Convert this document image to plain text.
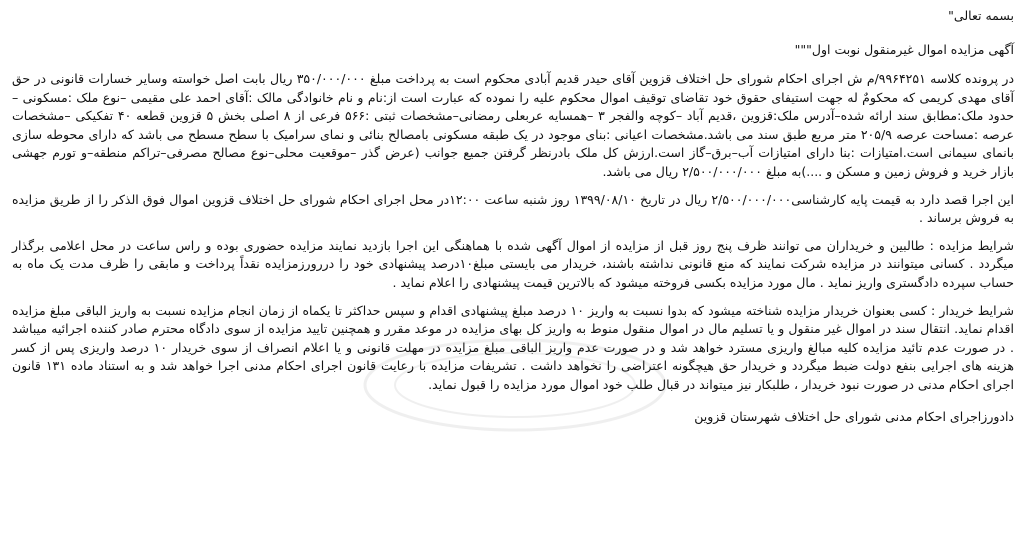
بسمه تعالی"

آگهی مزایده اموال غیرمنقول نوبت اول"""

در پرونده کلاسه ۹۹۶۴۲۵۱/م ش اجرای احکام شورای حل اختلاف قزوین آقای حیدر قدیم آبادی محکوم است به پرداخت مبلغ ۳۵۰/۰۰۰/۰۰۰ ریال بابت اصل خواسته وسایر خسارات قانونی در حق آقای مهدی کریمی که محکومٌ له جهت استیفای حقوق خود تقاضای توقیف اموال محکوم علیه را نموده که عبارت است از:نام و نام خانوادگی مالک :آقای احمد علی مقیمی –نوع ملک :مسکونی –حدود ملک:مطابق سند ارائه شده–آدرس ملک:قزوین ،قدیم آباد –کوچه والفجر ۳ –همسایه عربعلی رمضانی–مشخصات ثبتی :۵۶۶ فرعی از ۸ اصلی بخش ۵ قزوین قطعه ۴۰ تفکیکی –مشخصات عرصه :مساحت عرصه ۲۰۵/۹ متر مربع طبق سند می باشد.مشخصات اعیانی :بنای موجود در یک طبقه مسکونی بامصالح بنائی و نمای سرامیک با سطح مسطح می باشد که دارای محوطه سازی بانمای سیمانی است.امتیازات :بنا دارای امتیازات آب–برق–گاز است.ارزش کل ملک بادرنظر گرفتن جمیع جوانب (عرض گذر –موقعیت محلی–نوع مصالح مصرفی–تراکم منطقه–و تورم جهشی بازار خرید و فروش زمین و مسکن و ....)به مبلغ ۲/۵۰۰/۰۰۰/۰۰۰ ریال می باشد.

این اجرا قصد دارد به قیمت پایه کارشناسی۲/۵۰۰/۰۰۰/۰۰۰ ریال در تاریخ ۱۳۹۹/۰۸/۱۰ روز شنبه ساعت ۱۲:۰۰در محل اجرای احکام شورای حل اختلاف قزوین اموال فوق الذکر را از طریق مزایده به فروش برساند .

شرایط مزایده : طالبین و خریداران می توانند ظرف پنج روز قبل از مزایده از اموال آگهی شده با هماهنگی این اجرا بازدید نمایند مزایده حضوری بوده و راس ساعت در محل اعلامی برگذار میگردد . کسانی میتوانند در مزایده شرکت نمایند که منع قانونی نداشته باشند، خریدار می بایستی مبلغ۱۰درصد پیشنهادی خود را دررورزمزایده نقداً پرداخت و مابقی را ظرف مدت یک ماه به حساب سپرده دادگستری واریز نماید . مال مورد مزایده بکسی فروخته میشود که بالاترین قیمت پیشنهادی را اعلام نماید .

شرایط خریدار : کسی بعنوان خریدار مزایده شناخته میشود که بدوا نسبت به واریز ۱۰ درصد مبلغ پیشنهادی اقدام و سپس حداکثر تا یکماه از زمان انجام مزایده نسبت به واریز الباقی مبلغ مزایده اقدام نماید. انتقال سند در اموال غیر منقول و یا تسلیم مال در اموال منقول منوط به واریز کل بهای مزایده در موعد مقرر و همچنین تایید مزایده از سوی دادگاه محترم صادر کننده اجرائیه میباشد . در صورت عدم تائید مزایده کلیه مبالغ واریزی مسترد خواهد شد و در صورت عدم واریز الباقی مبلغ مزایده در مهلت قانونی و یا اعلام انصراف از سوی خریدار ۱۰ درصد واریزی پس از کسر هزینه های اجرایی بنفع دولت ضبط میگردد و خریدار حق هیچگونه اعتراضی را نخواهد داشت . تشریفات مزایده با رعایت قانون اجرای احکام مدنی اجرا خواهد شد و به استناد ماده ۱۳۱ قانون اجرای احکام مدنی در صورت نبود خریدار ، طلبکار نیز میتواند در قبال طلب خود اموال مورد مزایده را قبول نماید.

دادورزاجرای احکام مدنی شورای حل اختلاف شهرستان قزوین
